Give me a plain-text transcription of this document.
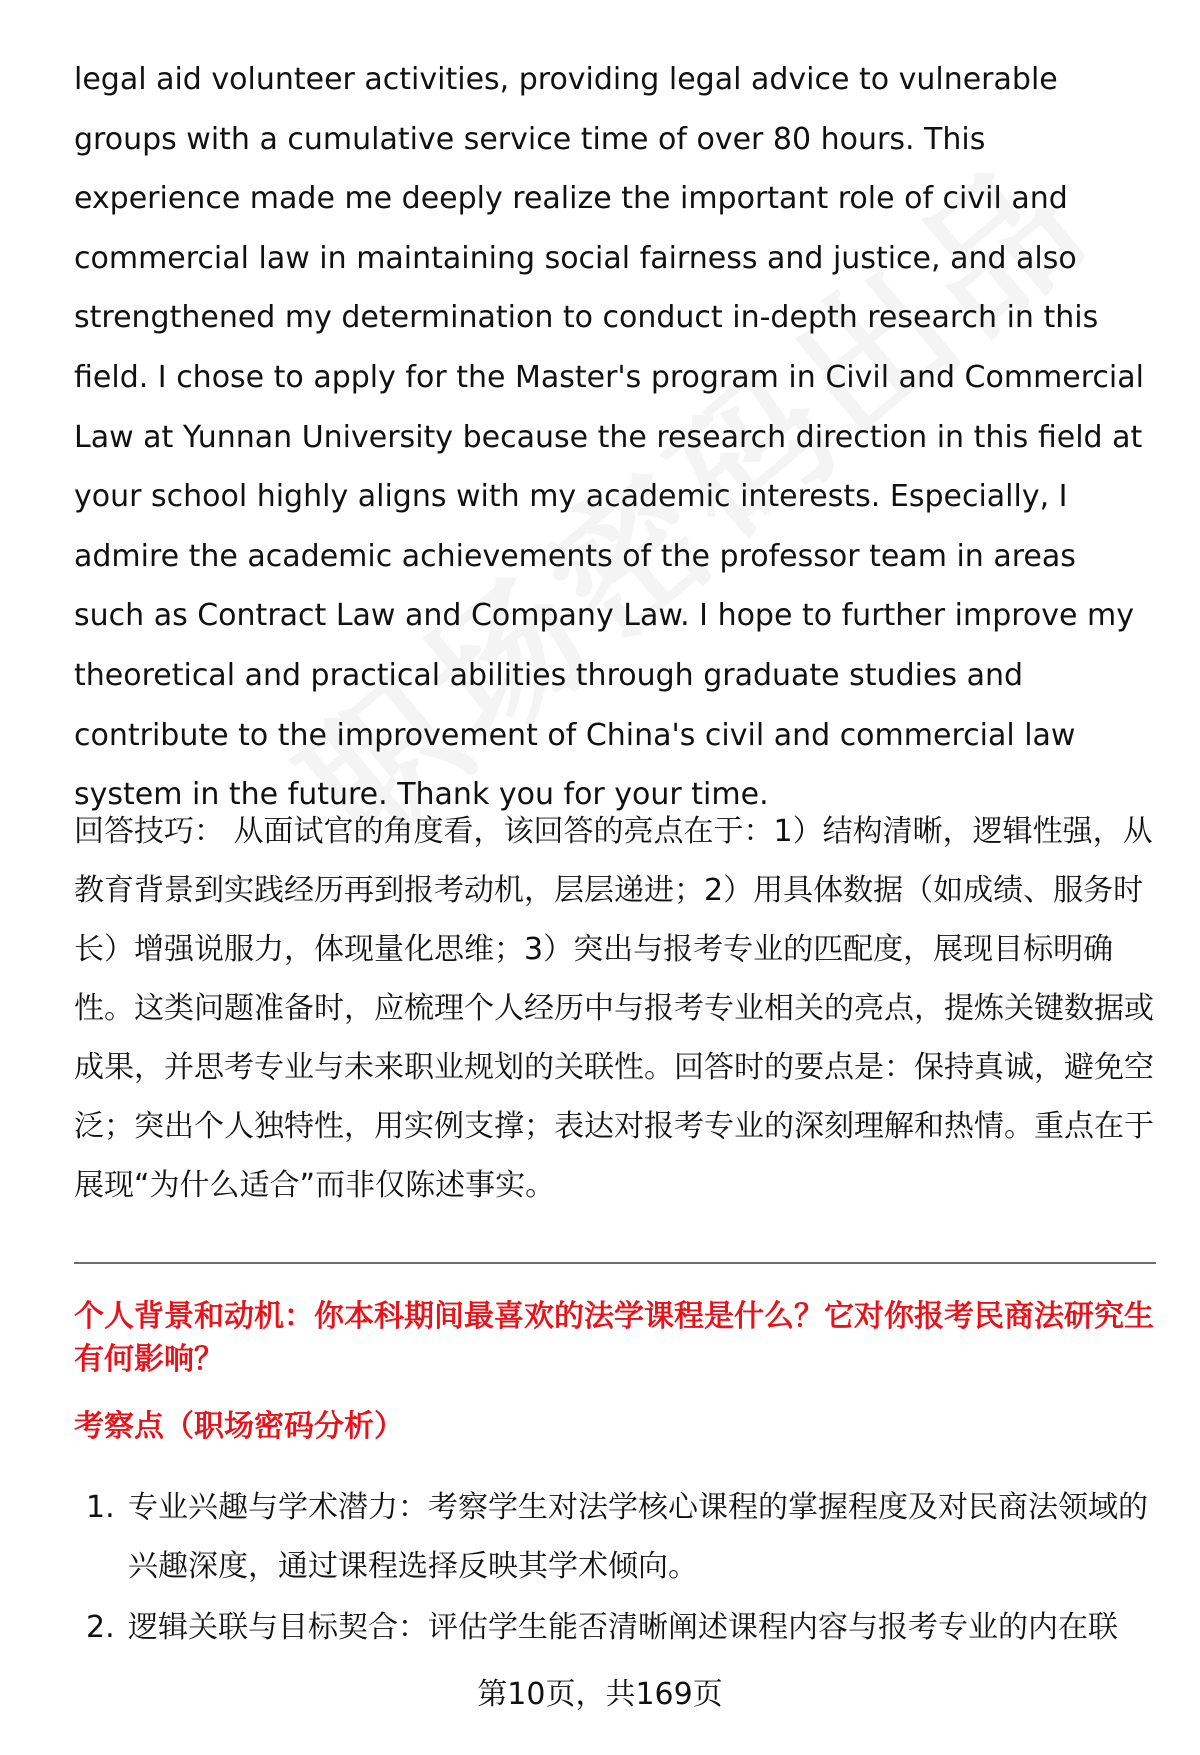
legal aid volunteer activities, providing legal advice to vulnerable groups with a cumulative service time of over 80 hours. This experience made me deeply realize the important role of civil and commercial law in maintaining social fairness and justice, and also strengthened my determination to conduct in-depth research in this field. I chose to apply for the Master's program in Civil and Commercial Law at Yunnan University because the research direction in this field at your school highly aligns with my academic interests. Especially, I admire the academic achievements of the professor team in areas such as Contract Law and Company Law. I hope to further improve my theoretical and practical abilities through graduate studies and contribute to the improvement of China's civil and commercial law system in the future. Thank you for your time.

回答技巧： 从面试官的角度看，该回答的亮点在于：1）结构清晰，逻辑性强，从教育背景到实践经历再到报考动机，层层递进；2）用具体数据（如成绩、服务时长）增强说服力，体现量化思维；3）突出与报考专业的匹配度，展现目标明确性。这类问题准备时，应梳理个人经历中与报考专业相关的亮点，提炼关键数据或成果，并思考专业与未来职业规划的关联性。回答时的要点是：保持真诚，避免空泛；突出个人独特性，用实例支撑；表达对报考专业的深刻理解和热情。重点在于展现“为什么适合”而非仅陈述事实。

个人背景和动机：你本科期间最喜欢的法学课程是什么？它对你报考民商法研究生有何影响？

考察点（职场密码分析）

1. 专业兴趣与学术潜力：考察学生对法学核心课程的掌握程度及对民商法领域的兴趣深度，通过课程选择反映其学术倾向。
2. 逻辑关联与目标契合：评估学生能否清晰阐述课程内容与报考专业的内在联
第10页，共169页
